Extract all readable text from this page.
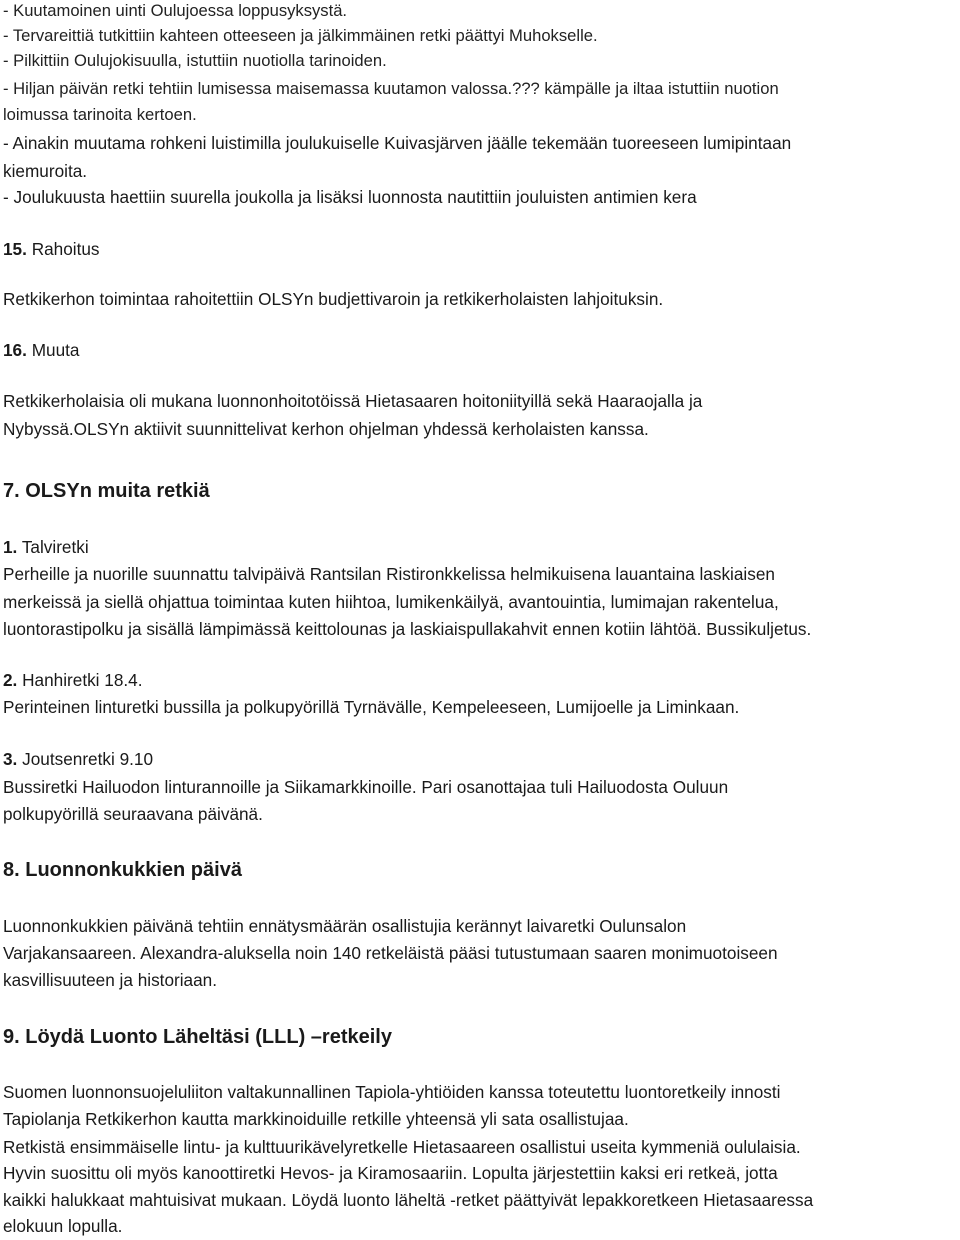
- Kuutamoinen uinti Oulujoessa loppusyksystä.
- Tervareittiä tutkittiin kahteen otteeseen ja jälkimmäinen retki päättyi Muhokselle.
- Pilkittiin Oulujokisuulla, istuttiin nuotiolla tarinoiden.
- Hiljan päivän retki tehtiin lumisessa maisemassa kuutamon valossa.??? kämpälle ja iltaa istuttiin nuotion
loimussa tarinoita kertoen.
- Ainakin muutama rohkeni luistimilla joulukuiselle Kuivasjärven jäälle tekemään tuoreeseen lumipintaan
kiemuroita.
- Joulukuusta haettiin suurella joukolla ja lisäksi luonnosta nautittiin jouluisten antimien kera
15. Rahoitus
Retkikerhon toimintaa rahoitettiin OLSYn budjettivaroin ja retkikerholaisten lahjoituksin.
16. Muuta
Retkikerholaisia oli mukana luonnonhoitotöissä Hietasaaren hoitoniityillä sekä Haaraojalla ja
Nybyssä.OLSYn aktiivit suunnittelivat kerhon ohjelman yhdessä kerholaisten kanssa.
7. OLSYn muita retkiä
1. Talviretki
Perheille ja nuorille suunnattu talvipäivä Rantsilan Ristironkkelissa helmikuisena lauantaina laskiaisen
merkeissä ja siellä ohjattua toimintaa kuten hiihtoa, lumikenkäilyä, avantouintia, lumimajan rakentelua,
luontorastipolku ja sisällä lämpimässä keittolounas ja laskiaispullakahvit ennen kotiin lähtöä. Bussikuljetus.
2. Hanhiretki 18.4.
Perinteinen linturetki bussilla ja polkupyörillä Tyrnävälle, Kempeleeseen, Lumijoelle ja Liminkaan.
3. Joutsenretki 9.10
Bussiretki Hailuodon linturannoille ja Siikamarkkinoille. Pari osanottajaa tuli Hailuodosta Ouluun
polkupyörillä seuraavana päivänä.
8. Luonnonkukkien päivä
Luonnonkukkien päivänä tehtiin ennätysmäärän osallistujia kerännyt laivaretki Oulunsalon
Varjakansaareen. Alexandra-aluksella noin 140 retkeläistä pääsi tutustumaan saaren monimuotoiseen
kasvillisuuteen ja historiaan.
9. Löydä Luonto Läheltäsi (LLL) –retkeily
Suomen luonnonsuojeluliiton valtakunnallinen Tapiola-yhtiöiden kanssa toteutettu luontoretkeily innosti
Tapiolanja Retkikerhon kautta markkinoiduille retkille yhteensä yli sata osallistujaa.
Retkistä ensimmäiselle lintu- ja kulttuurikävelyretkelle Hietasaareen osallistui useita kymmeniä oululaisia.
Hyvin suosittu oli myös kanoottiretki Hevos- ja Kiramosaariin. Lopulta järjestettiin kaksi eri retkeä, jotta
kaikki halukkaat mahtuisivat mukaan. Löydä luonto läheltä -retket päättyivät lepakkoretkeen Hietasaaressa
elokuun lopulla.
